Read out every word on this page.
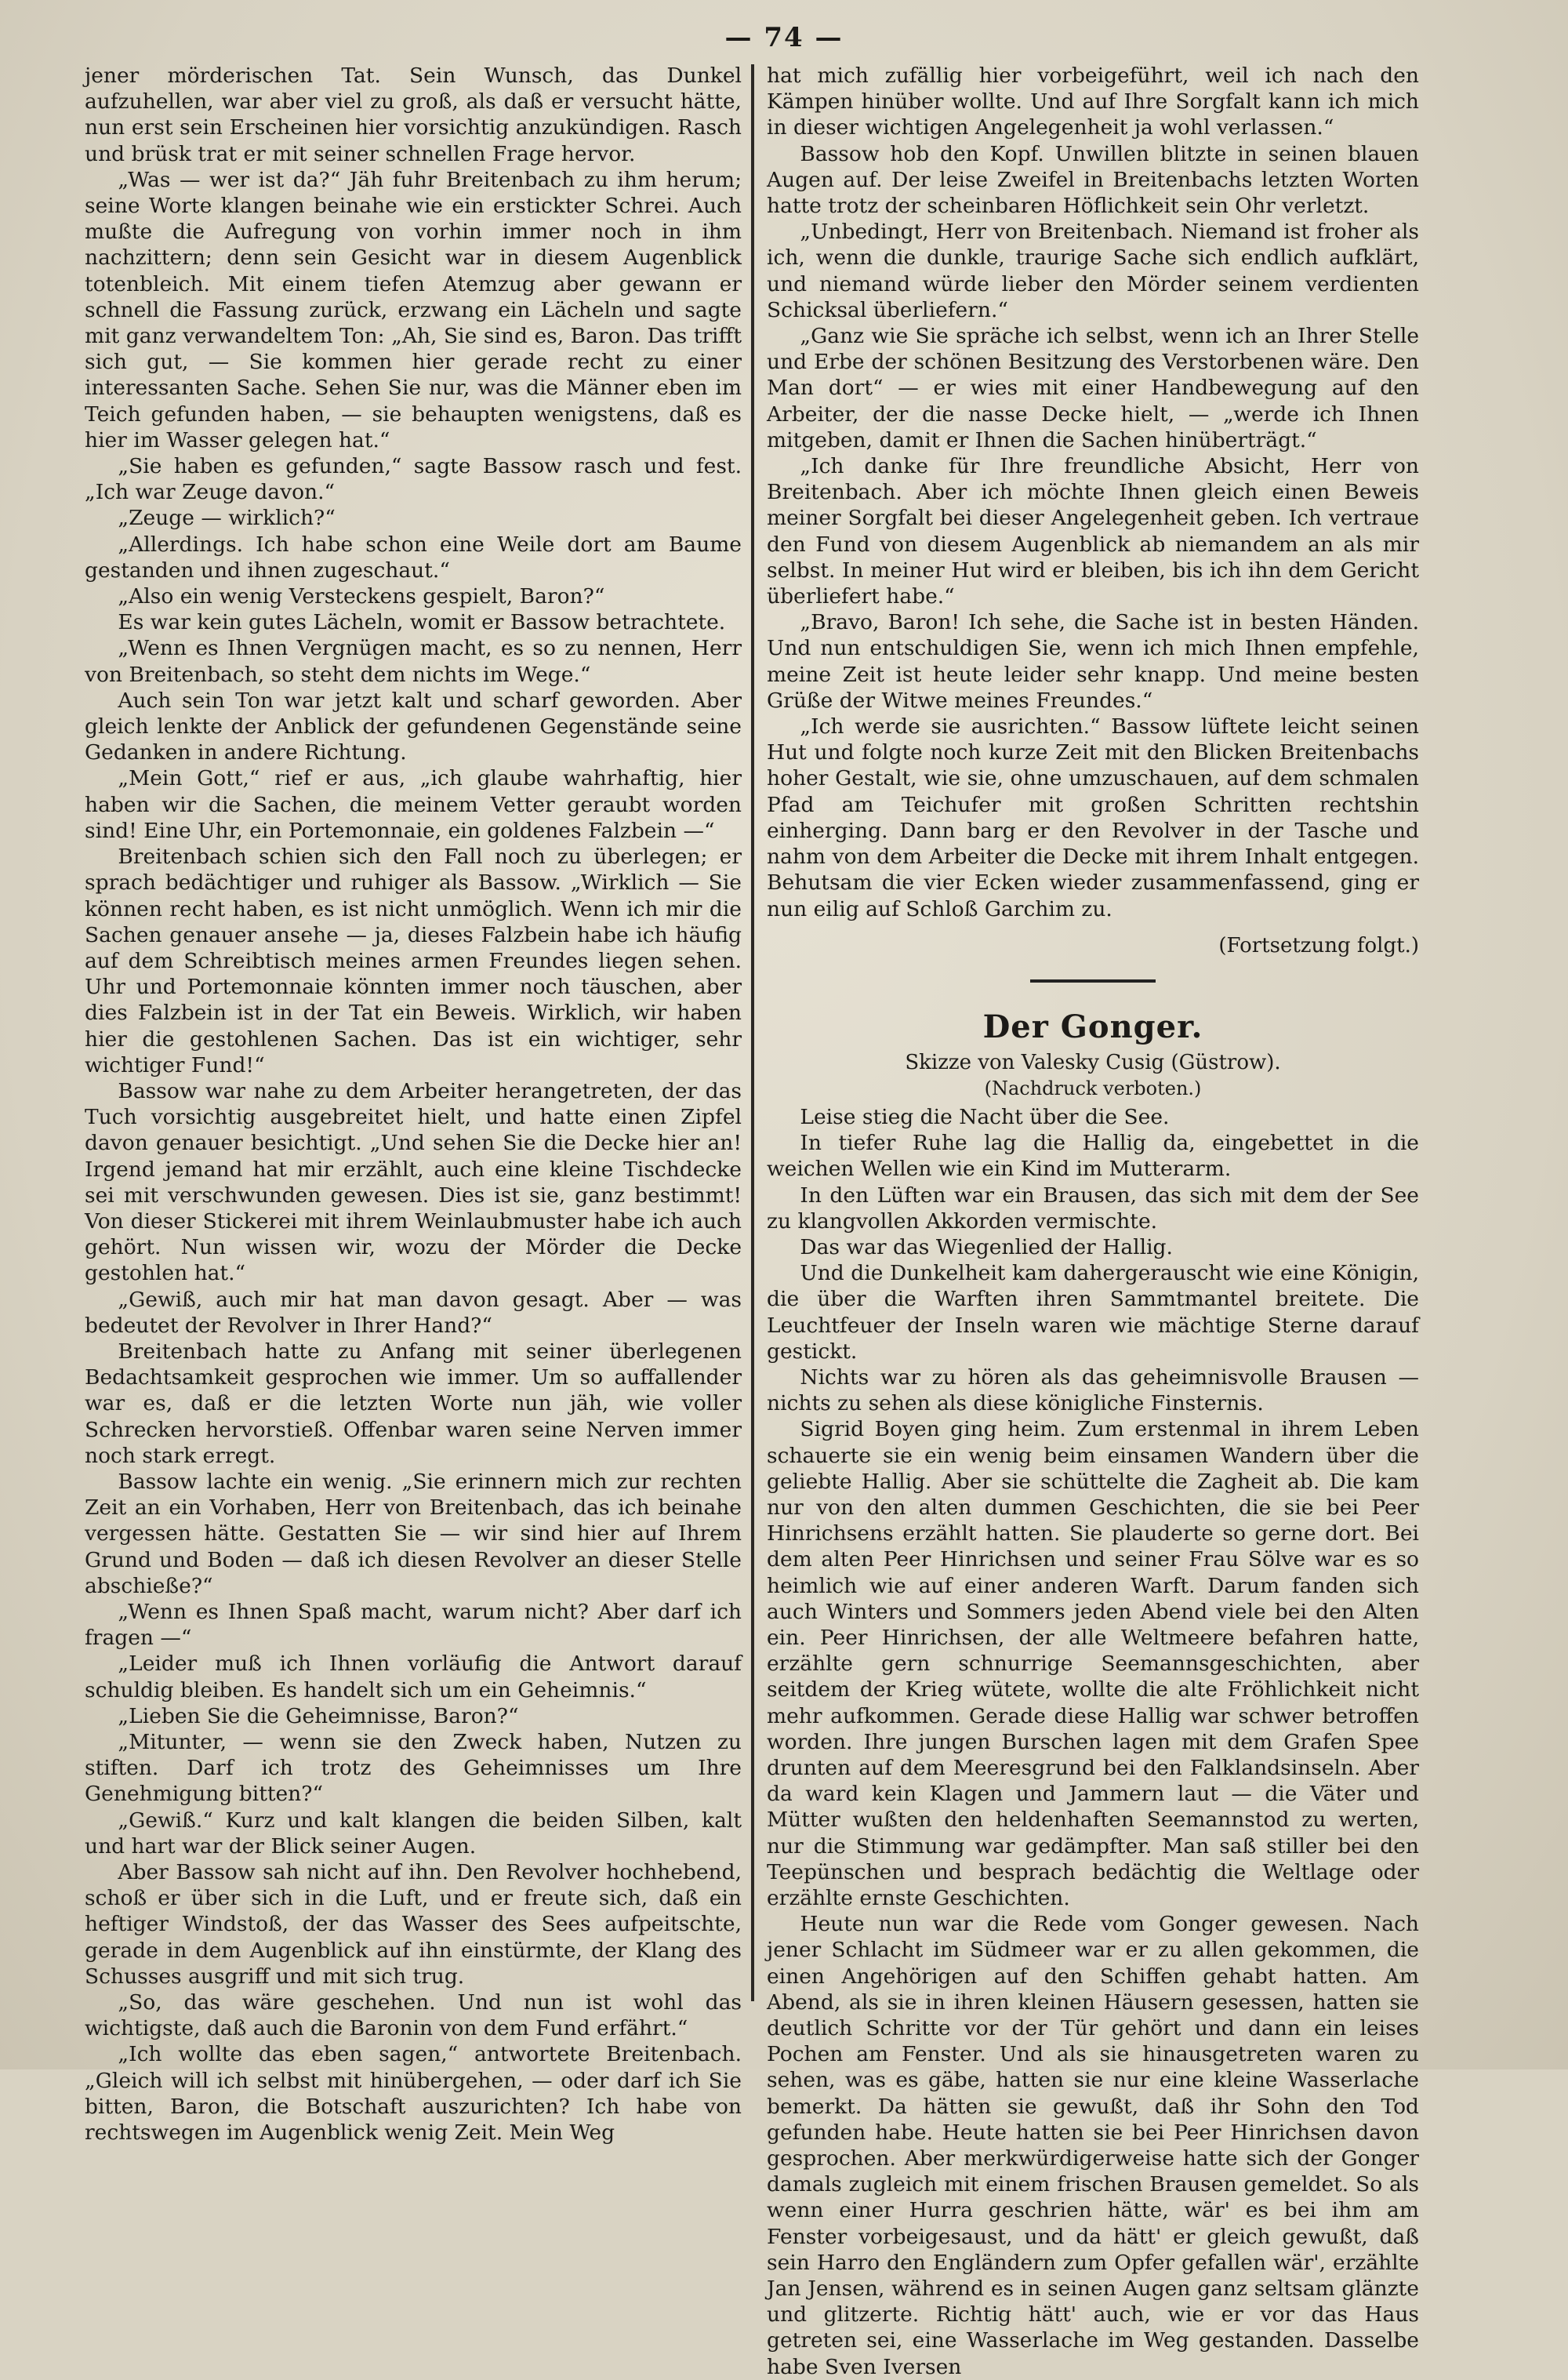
— 74 —

jener mörderischen Tat. Sein Wunsch, das Dunkel aufzuhellen, war aber viel zu groß, als daß er versucht hätte, nun erst sein Erscheinen hier vorsichtig anzukündigen. Rasch und brüsk trat er mit seiner schnellen Frage hervor.

„Was — wer ist da?“ Jäh fuhr Breitenbach zu ihm herum; seine Worte klangen beinahe wie ein erstickter Schrei. Auch mußte die Aufregung von vorhin immer noch in ihm nachzittern; denn sein Gesicht war in diesem Augenblick totenbleich. Mit einem tiefen Atemzug aber gewann er schnell die Fassung zurück, erzwang ein Lächeln und sagte mit ganz verwandeltem Ton: „Ah, Sie sind es, Baron. Das trifft sich gut, — Sie kommen hier gerade recht zu einer interessanten Sache. Sehen Sie nur, was die Männer eben im Teich gefunden haben, — sie behaupten wenigstens, daß es hier im Wasser gelegen hat.“

„Sie haben es gefunden,“ sagte Bassow rasch und fest. „Ich war Zeuge davon.“

„Zeuge — wirklich?“

„Allerdings. Ich habe schon eine Weile dort am Baume gestanden und ihnen zugeschaut.“

„Also ein wenig Versteckens gespielt, Baron?“

Es war kein gutes Lächeln, womit er Bassow betrachtete.

„Wenn es Ihnen Vergnügen macht, es so zu nennen, Herr von Breitenbach, so steht dem nichts im Wege.“

Auch sein Ton war jetzt kalt und scharf geworden. Aber gleich lenkte der Anblick der gefundenen Gegenstände seine Gedanken in andere Richtung.

„Mein Gott,“ rief er aus, „ich glaube wahrhaftig, hier haben wir die Sachen, die meinem Vetter geraubt worden sind! Eine Uhr, ein Portemonnaie, ein goldenes Falzbein —“

Breitenbach schien sich den Fall noch zu überlegen; er sprach bedächtiger und ruhiger als Bassow. „Wirklich — Sie können recht haben, es ist nicht unmöglich. Wenn ich mir die Sachen genauer ansehe — ja, dieses Falzbein habe ich häufig auf dem Schreibtisch meines armen Freundes liegen sehen. Uhr und Portemonnaie könnten immer noch täuschen, aber dies Falzbein ist in der Tat ein Beweis. Wirklich, wir haben hier die gestohlenen Sachen. Das ist ein wichtiger, sehr wichtiger Fund!“

Bassow war nahe zu dem Arbeiter herangetreten, der das Tuch vorsichtig ausgebreitet hielt, und hatte einen Zipfel davon genauer besichtigt. „Und sehen Sie die Decke hier an! Irgend jemand hat mir erzählt, auch eine kleine Tischdecke sei mit verschwunden gewesen. Dies ist sie, ganz bestimmt! Von dieser Stickerei mit ihrem Weinlaubmuster habe ich auch gehört. Nun wissen wir, wozu der Mörder die Decke gestohlen hat.“

„Gewiß, auch mir hat man davon gesagt. Aber — was bedeutet der Revolver in Ihrer Hand?“

Breitenbach hatte zu Anfang mit seiner überlegenen Bedachtsamkeit gesprochen wie immer. Um so auffallender war es, daß er die letzten Worte nun jäh, wie voller Schrecken hervorstieß. Offenbar waren seine Nerven immer noch stark erregt.

Bassow lachte ein wenig. „Sie erinnern mich zur rechten Zeit an ein Vorhaben, Herr von Breitenbach, das ich beinahe vergessen hätte. Gestatten Sie — wir sind hier auf Ihrem Grund und Boden — daß ich diesen Revolver an dieser Stelle abschieße?“

„Wenn es Ihnen Spaß macht, warum nicht? Aber darf ich fragen —“

„Leider muß ich Ihnen vorläufig die Antwort darauf schuldig bleiben. Es handelt sich um ein Geheimnis.“

„Lieben Sie die Geheimnisse, Baron?“

„Mitunter, — wenn sie den Zweck haben, Nutzen zu stiften. Darf ich trotz des Geheimnisses um Ihre Genehmigung bitten?“

„Gewiß.“ Kurz und kalt klangen die beiden Silben, kalt und hart war der Blick seiner Augen.

Aber Bassow sah nicht auf ihn. Den Revolver hochhebend, schoß er über sich in die Luft, und er freute sich, daß ein heftiger Windstoß, der das Wasser des Sees aufpeitschte, gerade in dem Augenblick auf ihn einstürmte, der Klang des Schusses ausgriff und mit sich trug.

„So, das wäre geschehen. Und nun ist wohl das wichtigste, daß auch die Baronin von dem Fund erfährt.“

„Ich wollte das eben sagen,“ antwortete Breitenbach. „Gleich will ich selbst mit hinübergehen, — oder darf ich Sie bitten, Baron, die Botschaft auszurichten? Ich habe von rechtswegen im Augenblick wenig Zeit. Mein Weg

hat mich zufällig hier vorbeigeführt, weil ich nach den Kämpen hinüber wollte. Und auf Ihre Sorgfalt kann ich mich in dieser wichtigen Angelegenheit ja wohl verlassen.“

Bassow hob den Kopf. Unwillen blitzte in seinen blauen Augen auf. Der leise Zweifel in Breitenbachs letzten Worten hatte trotz der scheinbaren Höflichkeit sein Ohr verletzt.

„Unbedingt, Herr von Breitenbach. Niemand ist froher als ich, wenn die dunkle, traurige Sache sich endlich aufklärt, und niemand würde lieber den Mörder seinem verdienten Schicksal überliefern.“

„Ganz wie Sie spräche ich selbst, wenn ich an Ihrer Stelle und Erbe der schönen Besitzung des Verstorbenen wäre. Den Man dort“ — er wies mit einer Handbewegung auf den Arbeiter, der die nasse Decke hielt, — „werde ich Ihnen mitgeben, damit er Ihnen die Sachen hinüberträgt.“

„Ich danke für Ihre freundliche Absicht, Herr von Breitenbach. Aber ich möchte Ihnen gleich einen Beweis meiner Sorgfalt bei dieser Angelegenheit geben. Ich vertraue den Fund von diesem Augenblick ab niemandem an als mir selbst. In meiner Hut wird er bleiben, bis ich ihn dem Gericht überliefert habe.“

„Bravo, Baron! Ich sehe, die Sache ist in besten Händen. Und nun entschuldigen Sie, wenn ich mich Ihnen empfehle, meine Zeit ist heute leider sehr knapp. Und meine besten Grüße der Witwe meines Freundes.“

„Ich werde sie ausrichten.“ Bassow lüftete leicht seinen Hut und folgte noch kurze Zeit mit den Blicken Breitenbachs hoher Gestalt, wie sie, ohne umzuschauen, auf dem schmalen Pfad am Teichufer mit großen Schritten rechtshin einherging. Dann barg er den Revolver in der Tasche und nahm von dem Arbeiter die Decke mit ihrem Inhalt entgegen. Behutsam die vier Ecken wieder zusammenfassend, ging er nun eilig auf Schloß Garchim zu.

(Fortsetzung folgt.)
Der Gonger.
Skizze von Valesky Cusig (Güstrow).
(Nachdruck verboten.)

Leise stieg die Nacht über die See.

In tiefer Ruhe lag die Hallig da, eingebettet in die weichen Wellen wie ein Kind im Mutterarm.

In den Lüften war ein Brausen, das sich mit dem der See zu klangvollen Akkorden vermischte.

Das war das Wiegenlied der Hallig.

Und die Dunkelheit kam dahergerauscht wie eine Königin, die über die Warften ihren Sammtmantel breitete. Die Leuchtfeuer der Inseln waren wie mächtige Sterne darauf gestickt.

Nichts war zu hören als das geheimnisvolle Brausen — nichts zu sehen als diese königliche Finsternis.

Sigrid Boyen ging heim. Zum erstenmal in ihrem Leben schauerte sie ein wenig beim einsamen Wandern über die geliebte Hallig. Aber sie schüttelte die Zagheit ab. Die kam nur von den alten dummen Geschichten, die sie bei Peer Hinrichsens erzählt hatten. Sie plauderte so gerne dort. Bei dem alten Peer Hinrichsen und seiner Frau Sölve war es so heimlich wie auf einer anderen Warft. Darum fanden sich auch Winters und Sommers jeden Abend viele bei den Alten ein. Peer Hinrichsen, der alle Weltmeere befahren hatte, erzählte gern schnurrige Seemannsgeschichten, aber seitdem der Krieg wütete, wollte die alte Fröhlichkeit nicht mehr aufkommen. Gerade diese Hallig war schwer betroffen worden. Ihre jungen Burschen lagen mit dem Grafen Spee drunten auf dem Meeresgrund bei den Falklandsinseln. Aber da ward kein Klagen und Jammern laut — die Väter und Mütter wußten den heldenhaften Seemannstod zu werten, nur die Stimmung war gedämpfter. Man saß stiller bei den Teepünschen und besprach bedächtig die Weltlage oder erzählte ernste Geschichten.

Heute nun war die Rede vom Gonger gewesen. Nach jener Schlacht im Südmeer war er zu allen gekommen, die einen Angehörigen auf den Schiffen gehabt hatten. Am Abend, als sie in ihren kleinen Häusern gesessen, hatten sie deutlich Schritte vor der Tür gehört und dann ein leises Pochen am Fenster. Und als sie hinausgetreten waren zu sehen, was es gäbe, hatten sie nur eine kleine Wasserlache bemerkt. Da hätten sie gewußt, daß ihr Sohn den Tod gefunden habe. Heute hatten sie bei Peer Hinrichsen davon gesprochen. Aber merkwürdigerweise hatte sich der Gonger damals zugleich mit einem frischen Brausen gemeldet. So als wenn einer Hurra geschrien hätte, wär' es bei ihm am Fenster vorbeigesaust, und da hätt' er gleich gewußt, daß sein Harro den Engländern zum Opfer gefallen wär', erzählte Jan Jensen, während es in seinen Augen ganz seltsam glänzte und glitzerte. Richtig hätt' auch, wie er vor das Haus getreten sei, eine Wasserlache im Weg gestanden. Dasselbe habe Sven Iversen
